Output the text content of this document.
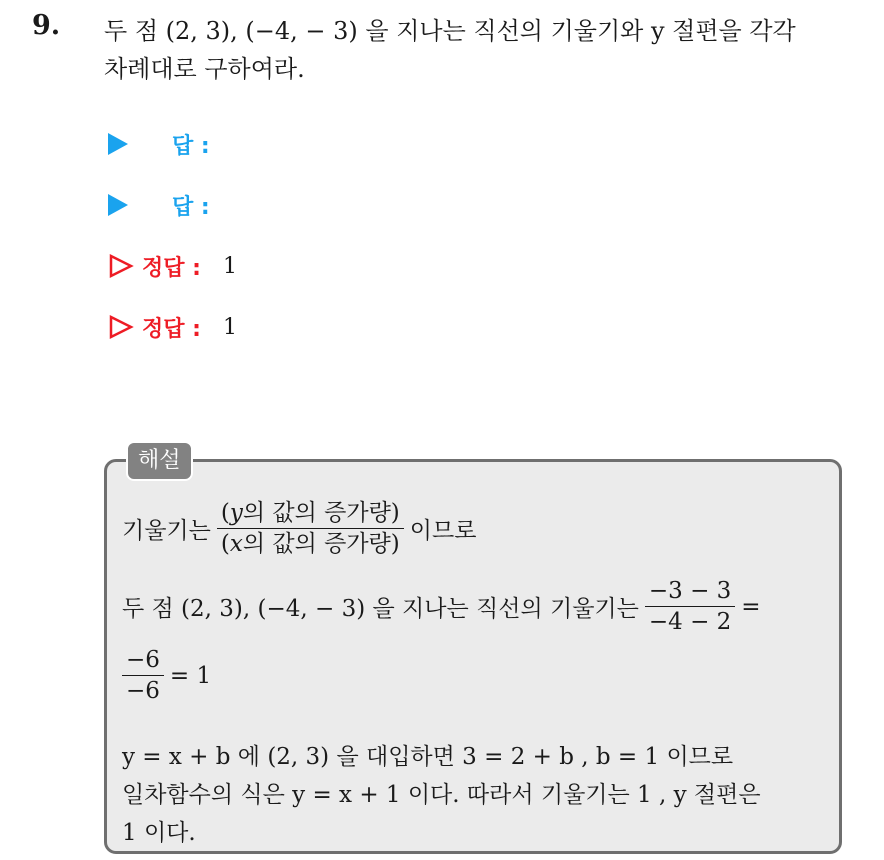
9. 두 점 (2, 3), (−4, − 3) 을 지나는 직선의 기울기와 y 절편을 각각
차례대로 구하여라.
답 :
답 :
정답 : 1
정답 : 1
해설
기울기는 $\frac{\text{(y의 값의 증가량)}}{\text{(x의 값의 증가량)}}$ 이므로
두 점 (2, 3), (−4, − 3) 을 지나는 직선의 기울기는 $\frac{-3 - 3}{-4 - 2}$ =
$\frac{-6}{-6} = 1$
y = x + b 에 (2, 3) 을 대입하면 3 = 2 + b , b = 1 이므로
일차함수의 식은 y = x + 1 이다. 따라서 기울기는 1 , y 절편은
1 이다.
